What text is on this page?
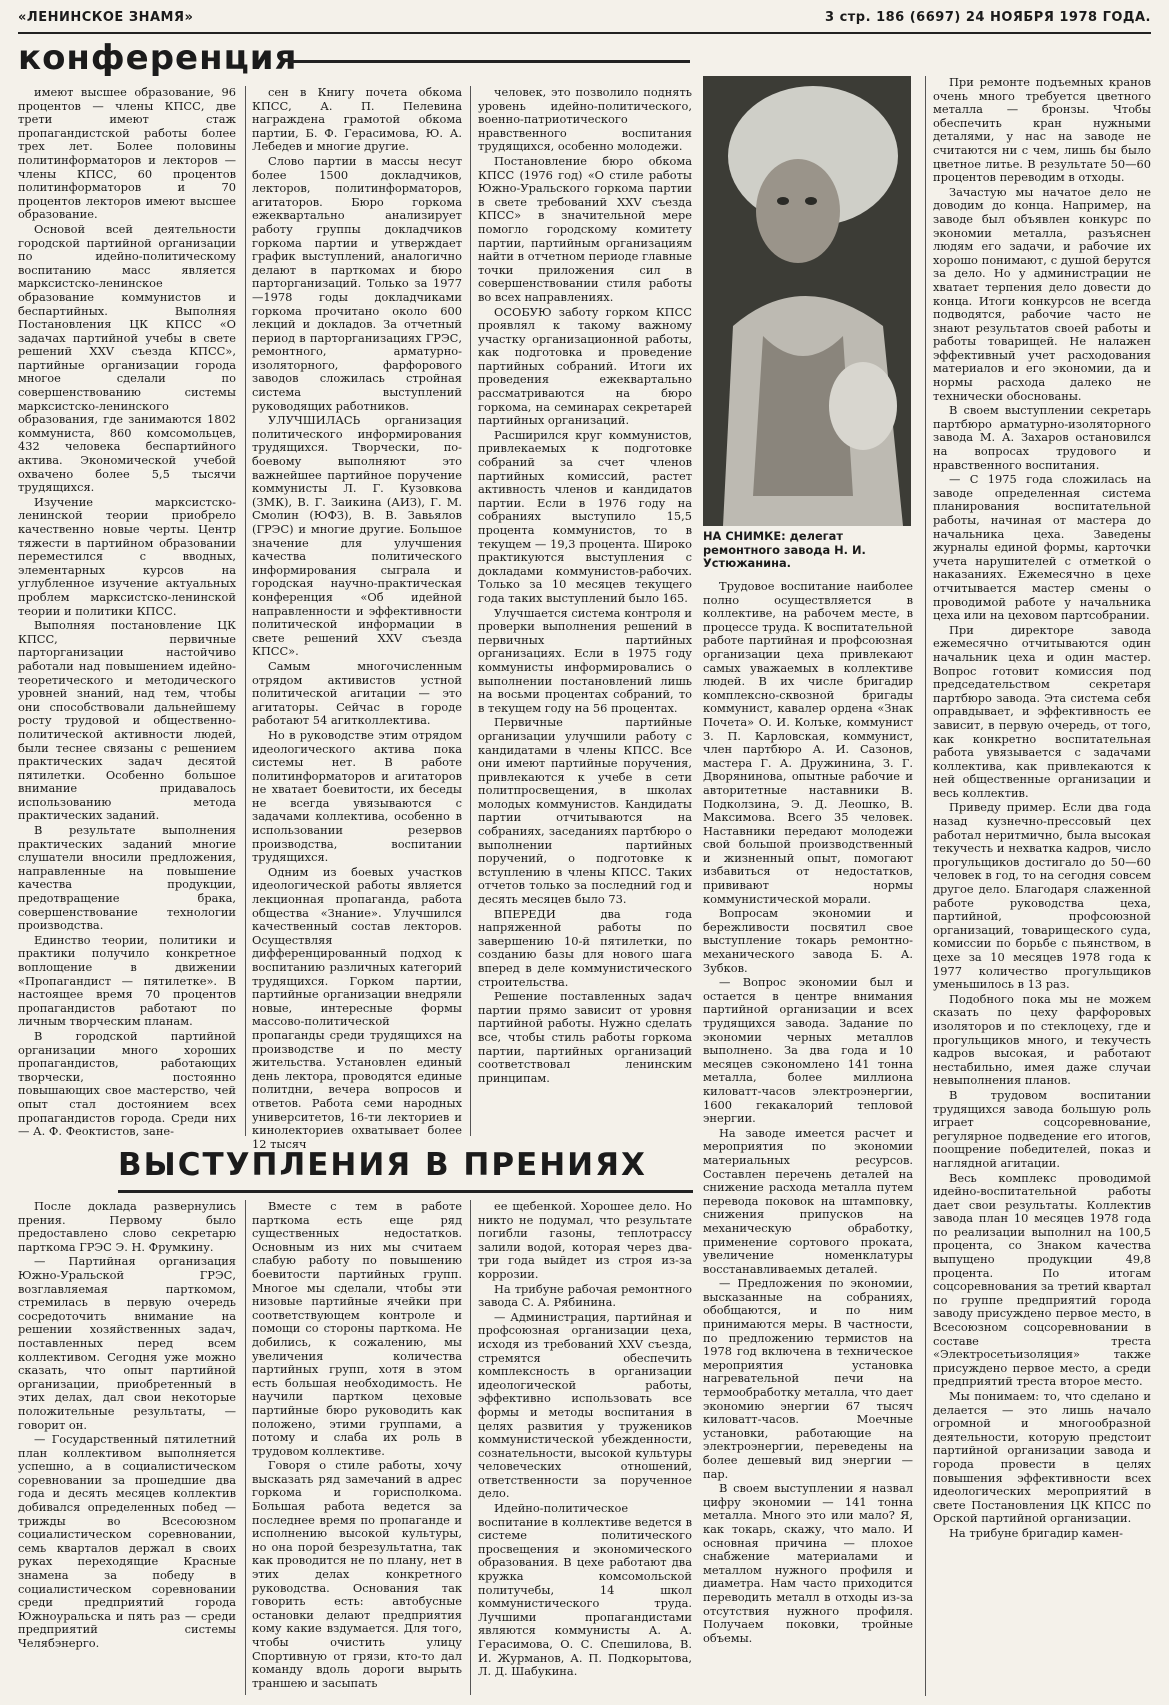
«ЛЕНИНСКОЕ ЗНАМЯ»	3 стр. 186 (6697) 24 НОЯБРЯ 1978 ГОДА.
конференция

имеют высшее образование, 96 процентов — члены КПСС, две трети имеют стаж пропагандистской работы более трех лет. Более половины политинформаторов и лекторов — члены КПСС, 60 процентов политинформаторов и 70 процентов лекторов имеют высшее образование.

Основой всей деятельности городской партийной организации по идейно-политическому воспитанию масс является марксистско-ленинское образование коммунистов и беспартийных. Выполняя Постановления ЦК КПСС «О задачах партийной учебы в свете решений XXV съезда КПСС», партийные организации города многое сделали по совершенствованию системы марксистско-ленинского образования, где занимаются 1802 коммуниста, 860 комсомольцев, 432 человека беспартийного актива. Экономической учебой охвачено более 5,5 тысячи трудящихся.

Изучение марксистско-ленинской теории приобрело качественно новые черты. Центр тяжести в партийном образовании переместился с вводных, элементарных курсов на углубленное изучение актуальных проблем марксистско-ленинской теории и политики КПСС.

Выполняя постановление ЦК КПСС, первичные парторганизации настойчиво работали над повышением идейно-теоретического и методического уровней знаний, над тем, чтобы они способствовали дальнейшему росту трудовой и общественно-политической активности людей, были теснее связаны с решением практических задач десятой пятилетки. Особенно большое внимание придавалось использованию метода практических заданий.

В результате выполнения практических заданий многие слушатели вносили предложения, направленные на повышение качества продукции, предотвращение брака, совершенствование технологии производства.

Единство теории, политики и практики получило конкретное воплощение в движении «Пропагандист — пятилетке». В настоящее время 70 процентов пропагандистов работают по личным творческим планам.

В городской партийной организации много хороших пропагандистов, работающих творчески, постоянно повышающих свое мастерство, чей опыт стал достоянием всех пропагандистов города. Среди них — А. Ф. Феоктистов, зане-

сен в Книгу почета обкома КПСС, А. П. Пелевина награждена грамотой обкома партии, Б. Ф. Герасимова, Ю. А. Лебедев и многие другие.

Слово партии в массы несут более 1500 докладчиков, лекторов, политинформаторов, агитаторов. Бюро горкома ежеквартально анализирует работу группы докладчиков горкома партии и утверждает график выступлений, аналогично делают в парткомах и бюро парторганизаций. Только за 1977—1978 годы докладчиками горкома прочитано около 600 лекций и докладов. За отчетный период в парторганизациях ГРЭС, ремонтного, арматурно-изоляторного, фарфорового заводов сложилась стройная система выступлений руководящих работников.

УЛУЧШИЛАСЬ организация политического информирования трудящихся. Творчески, по-боевому выполняют это важнейшее партийное поручение коммунисты Л. Г. Кузовкова (ЗМК), В. Г. Заикина (АИЗ), Г. М. Смолин (ЮФЗ), В. В. Завьялов (ГРЭС) и многие другие. Большое значение для улучшения качества политического информирования сыграла и городская научно-практическая конференция «Об идейной направленности и эффективности политической информации в свете решений XXV съезда КПСС».

Самым многочисленным отрядом активистов устной политической агитации — это агитаторы. Сейчас в городе работают 54 агитколлектива.

Но в руководстве этим отрядом идеологического актива пока системы нет. В работе политинформаторов и агитаторов не хватает боевитости, их беседы не всегда увязываются с задачами коллектива, особенно в использовании резервов производства, воспитании трудящихся.

Одним из боевых участков идеологической работы является лекционная пропаганда, работа общества «Знание». Улучшился качественный состав лекторов. Осуществляя дифференцированный подход к воспитанию различных категорий трудящихся. Горком партии, партийные организации внедряли новые, интересные формы массово-политической пропаганды среди трудящихся на производстве и по месту жительства. Установлен единый день лектора, проводятся единые политдни, вечера вопросов и ответов. Работа семи народных университетов, 16-ти лекториев и кинолекториев охватывает более 12 тысяч

человек, это позволило поднять уровень идейно-политического, военно-патриотического нравственного воспитания трудящихся, особенно молодежи.

Постановление бюро обкома КПСС (1976 год) «О стиле работы Южно-Уральского горкома партии в свете требований XXV съезда КПСС» в значительной мере помогло городскому комитету партии, партийным организациям найти в отчетном периоде главные точки приложения сил в совершенствовании стиля работы во всех направлениях.

ОСОБУЮ заботу горком КПСС проявлял к такому важному участку организационной работы, как подготовка и проведение партийных собраний. Итоги их проведения ежеквартально рассматриваются на бюро горкома, на семинарах секретарей партийных организаций.

Расширился круг коммунистов, привлекаемых к подготовке собраний за счет членов партийных комиссий, растет активность членов и кандидатов партии. Если в 1976 году на собраниях выступило 15,5 процента коммунистов, то в текущем — 19,3 процента. Широко практикуются выступления с докладами коммунистов-рабочих. Только за 10 месяцев текущего года таких выступлений было 165.

Улучшается система контроля и проверки выполнения решений в первичных партийных организациях. Если в 1975 году коммунисты информировались о выполнении постановлений лишь на восьми процентах собраний, то в текущем году на 56 процентах.

Первичные партийные организации улучшили работу с кандидатами в члены КПСС. Все они имеют партийные поручения, привлекаются к учебе в сети политпросвещения, в школах молодых коммунистов. Кандидаты партии отчитываются на собраниях, заседаниях партбюро о выполнении партийных поручений, о подготовке к вступлению в члены КПСС. Таких отчетов только за последний год и десять месяцев было 73.

ВПЕРЕДИ два года напряженной работы по завершению 10-й пятилетки, по созданию базы для нового шага вперед в деле коммунистического строительства.

Решение поставленных задач партии прямо зависит от уровня партийной работы. Нужно сделать все, чтобы стиль работы горкома партии, партийных организаций соответствовал ленинским принципам.

НА СНИМКЕ: делегат ремонтного завода Н. И. Устюжанина.

Трудовое воспитание наиболее полно осуществляется в коллективе, на рабочем месте, в процессе труда. К воспитательной работе партийная и профсоюзная организации цеха привлекают самых уважаемых в коллективе людей. В их числе бригадир комплексно-сквозной бригады коммунист, кавалер ордена «Знак Почета» О. И. Колъке, коммунист З. П. Карловская, коммунист, член партбюро А. И. Сазонов, мастера Г. А. Дружинина, З. Г. Дворянинова, опытные рабочие и авторитетные наставники В. Подколзина, Э. Д. Леошко, В. Максимова. Всего 35 человек. Наставники передают молодежи свой большой производственный и жизненный опыт, помогают избавиться от недостатков, прививают нормы коммунистической морали.

Вопросам экономии и бережливости посвятил свое выступление токарь ремонтно-механического завода Б. А. Зубков.

— Вопрос экономии был и остается в центре внимания партийной организации и всех трудящихся завода. Задание по экономии черных металлов выполнено. За два года и 10 месяцев сэкономлено 141 тонна металла, более миллиона киловатт-часов электроэнергии, 1600 гекакалорий тепловой энергии.

На заводе имеется расчет и мероприятия по экономии материальных ресурсов. Составлен перечень деталей на снижение расхода металла путем перевода поковок на штамповку, снижения припусков на механическую обработку, применение сортового проката, увеличение номенклатуры восстанавливаемых деталей.

— Предложения по экономии, высказанные на собраниях, обобщаются, и по ним принимаются меры. В частности, по предложению термистов на 1978 год включена в техническое мероприятия установка нагревательной печи на термообработку металла, что дает экономию энергии 67 тысяч киловатт-часов. Моечные установки, работающие на электроэнергии, переведены на более дешевый вид энергии — пар.

В своем выступлении я назвал цифру экономии — 141 тонна металла. Много это или мало? Я, как токарь, скажу, что мало. И основная причина — плохое снабжение материалами и металлом нужного профиля и диаметра. Нам часто приходится переводить металл в отходы из-за отсутствия нужного профиля. Получаем поковки, тройные объемы.

При ремонте подъемных кранов очень много требуется цветного металла — бронзы. Чтобы обеспечить кран нужными деталями, у нас на заводе не считаются ни с чем, лишь бы было цветное литье. В результате 50—60 процентов переводим в отходы.

Зачастую мы начатое дело не доводим до конца. Например, на заводе был объявлен конкурс по экономии металла, разъяснен людям его задачи, и рабочие их хорошо понимают, с душой берутся за дело. Но у администрации не хватает терпения дело довести до конца. Итоги конкурсов не всегда подводятся, рабочие часто не знают результатов своей работы и работы товарищей. Не налажен эффективный учет расходования материалов и его экономии, да и нормы расхода далеко не технически обоснованы.

В своем выступлении секретарь партбюро арматурно-изоляторного завода М. А. Захаров остановился на вопросах трудового и нравственного воспитания.

— С 1975 года сложилась на заводе определенная система планирования воспитательной работы, начиная от мастера до начальника цеха. Заведены журналы единой формы, карточки учета нарушителей с отметкой о наказаниях. Ежемесячно в цехе отчитывается мастер смены о проводимой работе у начальника цеха или на цеховом партсобрании.

При директоре завода ежемесячно отчитываются один начальник цеха и один мастер. Вопрос готовит комиссия под председательством секретаря партбюро завода. Эта система себя оправдывает, и эффективность ее зависит, в первую очередь, от того, как конкретно воспитательная работа увязывается с задачами коллектива, как привлекаются к ней общественные организации и весь коллектив.

Приведу пример. Если два года назад кузнечно-прессовый цех работал неритмично, была высокая текучесть и нехватка кадров, число прогульщиков достигало до 50—60 человек в год, то на сегодня совсем другое дело. Благодаря слаженной работе руководства цеха, партийной, профсоюзной организаций, товарищеского суда, комиссии по борьбе с пьянством, в цехе за 10 месяцев 1978 года к 1977 количество прогульщиков уменьшилось в 13 раз.

Подобного пока мы не можем сказать по цеху фарфоровых изоляторов и по стеклоцеху, где и прогульщиков много, и текучесть кадров высокая, и работают нестабильно, имея даже случаи невыполнения планов.

В трудовом воспитании трудящихся завода большую роль играет соцсоревнование, регулярное подведение его итогов, поощрение победителей, показ и наглядной агитации.

Весь комплекс проводимой идейно-воспитательной работы дает свои результаты. Коллектив завода план 10 месяцев 1978 года по реализации выполнил на 100,5 процента, со Знаком качества выпущено продукции 49,8 процента. По итогам соцсоревнования за третий квартал по группе предприятий города заводу присуждено первое место, в Всесоюзном соцсоревновании в составе треста «Электросетьизоляция» также присуждено первое место, а среди предприятий треста второе место.

Мы понимаем: то, что сделано и делается — это лишь начало огромной и многообразной деятельности, которую предстоит партийной организации завода и города провести в целях повышения эффективности всех идеологических мероприятий в свете Постановления ЦК КПСС по Орской партийной организации.

На трибуне бригадир камен-

ВЫСТУПЛЕНИЯ В ПРЕНИЯХ

После доклада развернулись прения. Первому было предоставлено слово секретарю парткома ГРЭС Э. Н. Фрумкину.

— Партийная организация Южно-Уральской ГРЭС, возглавляемая парткомом, стремилась в первую очередь сосредоточить внимание на решении хозяйственных задач, поставленных перед всем коллективом. Сегодня уже можно сказать, что опыт партийной организации, приобретенный в этих делах, дал свои некоторые положительные результаты, — говорит он.

— Государственный пятилетний план коллективом выполняется успешно, а в социалистическом соревновании за прошедшие два года и десять месяцев коллектив добивался определенных побед — трижды во Всесоюзном социалистическом соревновании, семь кварталов держал в своих руках переходящие Красные знамена за победу в социалистическом соревновании среди предприятий города Южноуральска и пять раз — среди предприятий системы Челябэнерго.

Вместе с тем в работе парткома есть еще ряд существенных недостатков. Основным из них мы считаем слабую работу по повышению боевитости партийных групп. Многое мы сделали, чтобы эти низовые партийные ячейки при соответствующем контроле и помощи со стороны парткома. Не добились, к сожалению, мы увеличения количества партийных групп, хотя в этом есть большая необходимость. Не научили партком цеховые партийные бюро руководить как положено, этими группами, а потому и слаба их роль в трудовом коллективе.

Говоря о стиле работы, хочу высказать ряд замечаний в адрес горкома и горисполкома. Большая работа ведется за последнее время по пропаганде и исполнению высокой культуры, но она порой безрезультатна, так как проводится не по плану, нет в этих делах конкретного руководства. Основания так говорить есть: автобусные остановки делают предприятия кому какие вздумается. Для того, чтобы очистить улицу Спортивную от грязи, кто-то дал команду вдоль дороги вырыть траншею и засыпать

ее щебенкой. Хорошее дело. Но никто не подумал, что результате погибли газоны, теплотрассу залили водой, которая через два-три года выйдет из строя из-за коррозии.

На трибуне рабочая ремонтного завода С. А. Рябинина.

— Администрация, партийная и профсоюзная организации цеха, исходя из требований XXV съезда, стремятся обеспечить комплексность в организации идеологической работы, эффективно использовать все формы и методы воспитания в целях развития у тружеников коммунистической убежденности, сознательности, высокой культуры человеческих отношений, ответственности за порученное дело.

Идейно-политическое воспитание в коллективе ведется в системе политического просвещения и экономического образования. В цехе работают два кружка комсомольской политучебы, 14 школ коммунистического труда. Лучшими пропагандистами являются коммунисты А. А. Герасимова, О. С. Спешилова, В. И. Журманов, А. П. Подкорытова, Л. Д. Шабукина.
